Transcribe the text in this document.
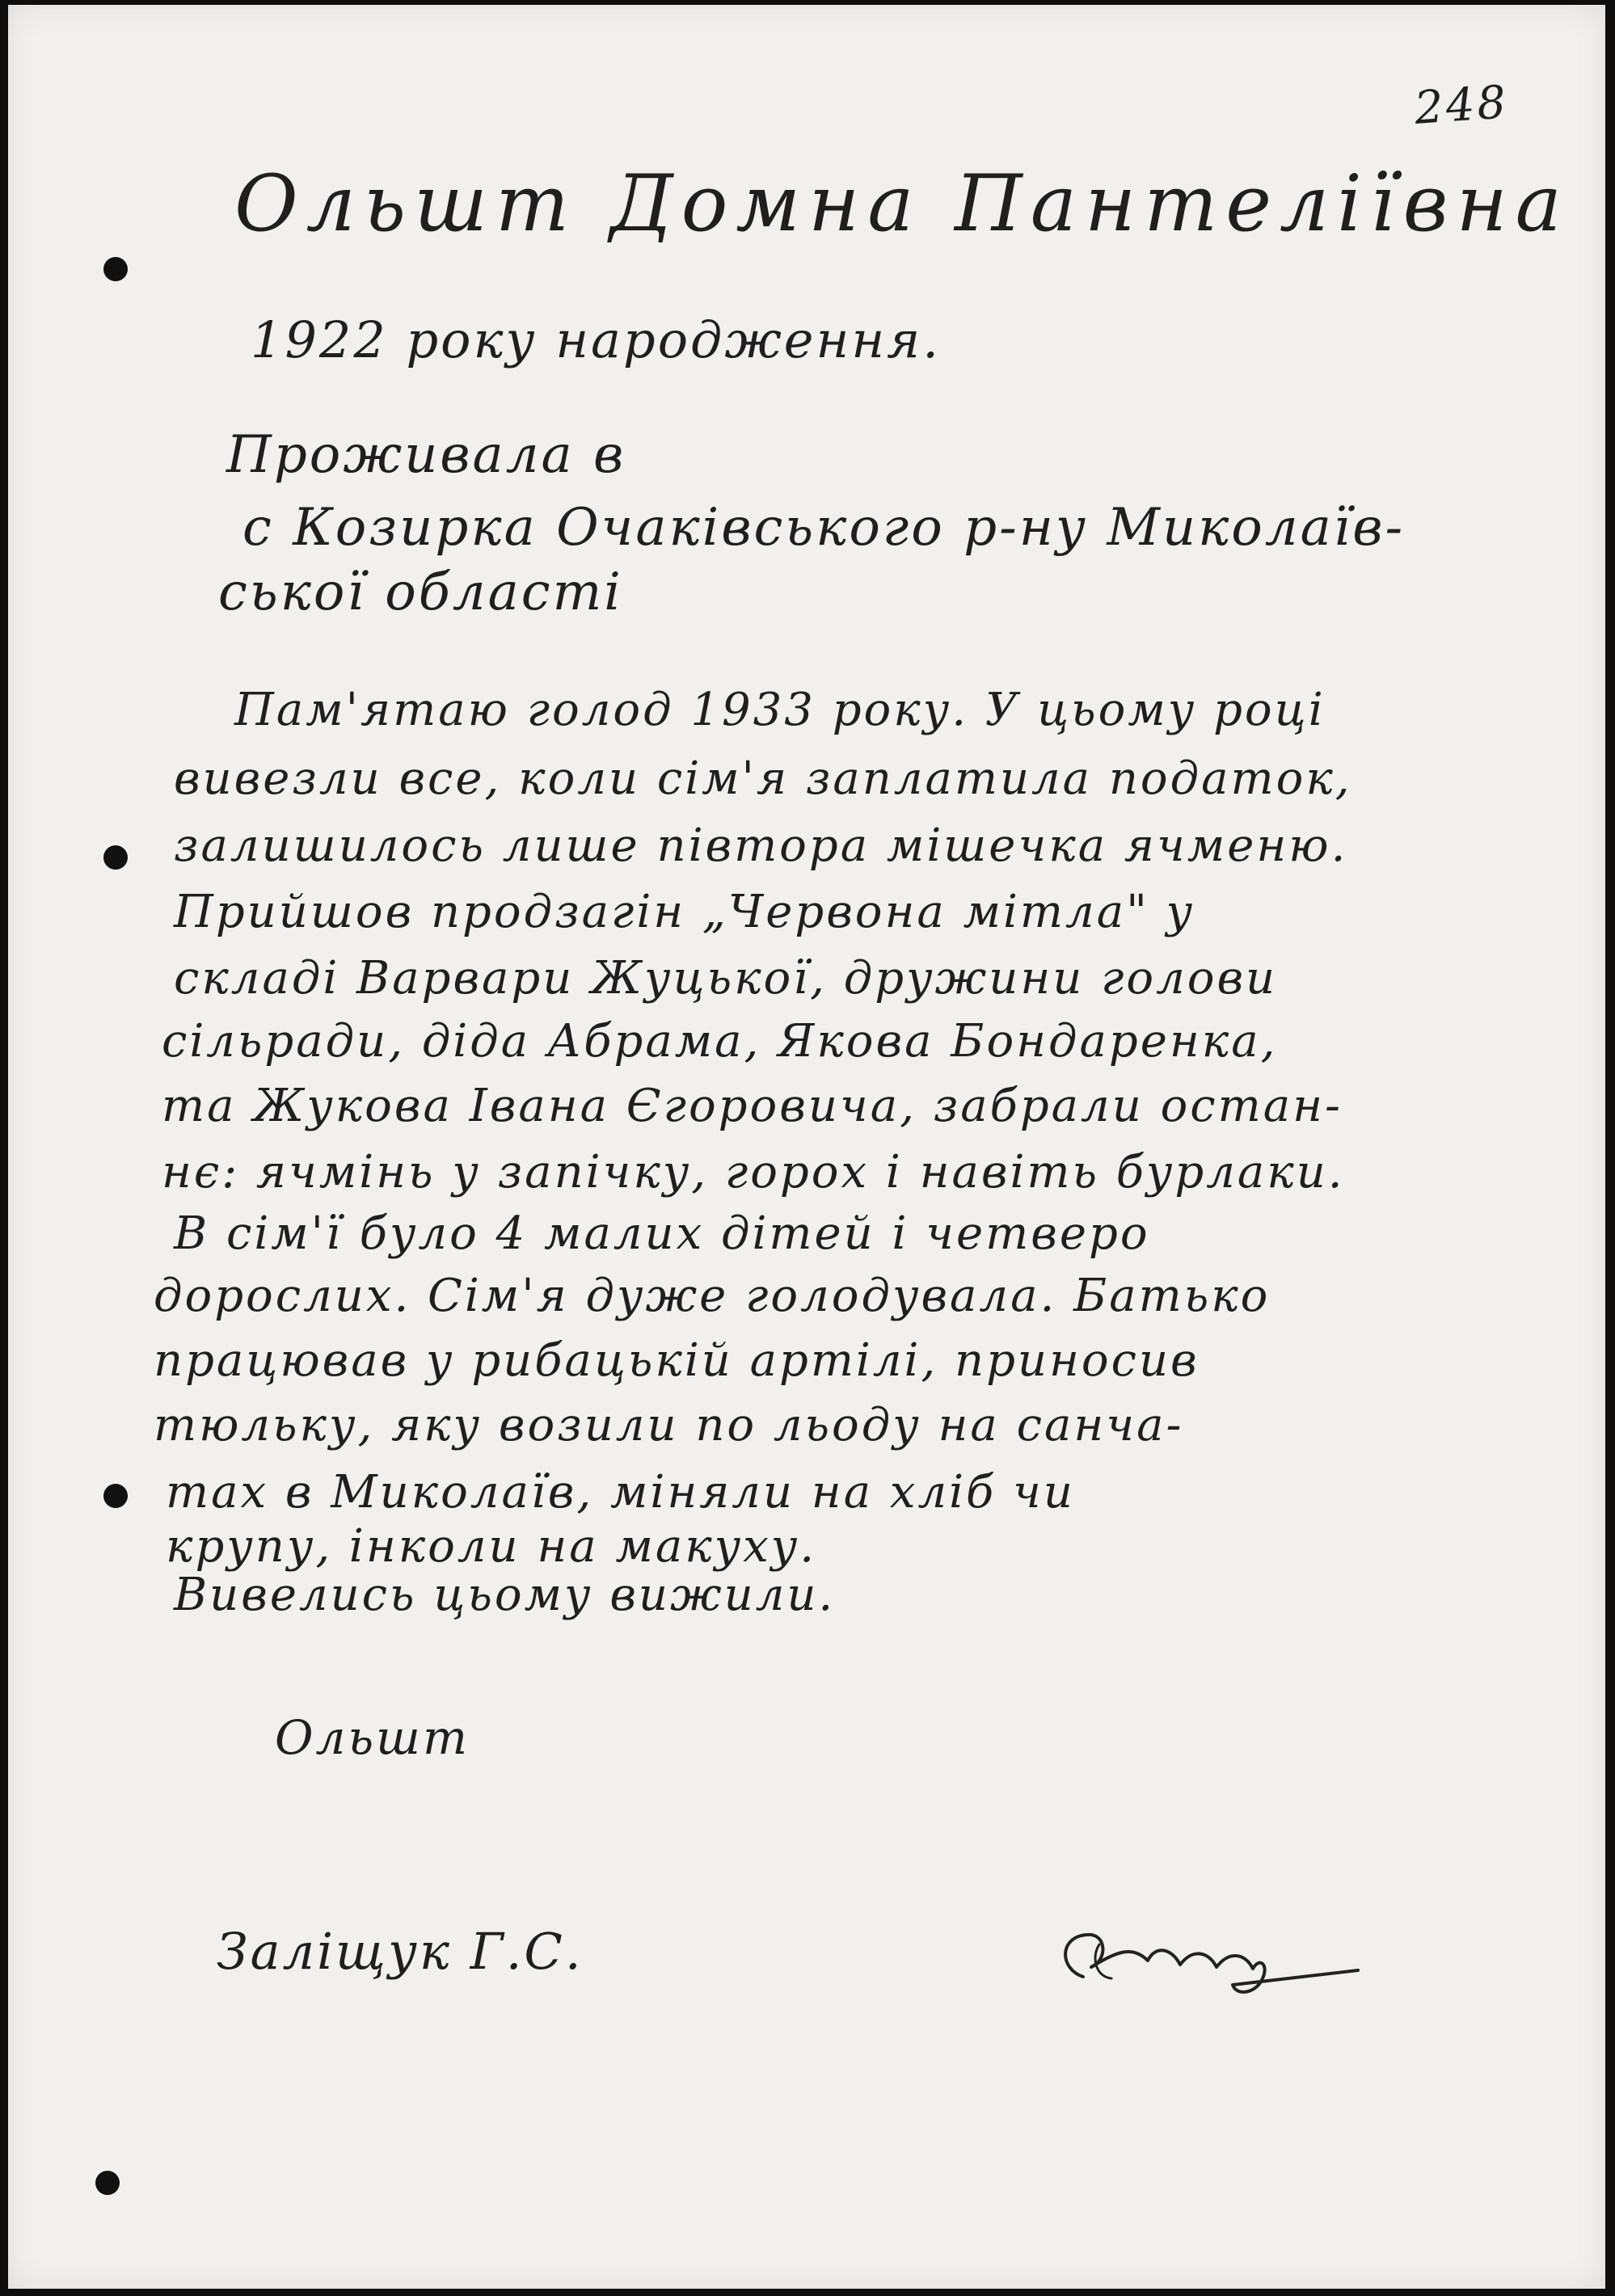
248
Ольшт Домна Пантеліївна
1922 року народження.
Проживала в
с Козирка Очаківського р-ну Миколаїв-
ської області
Пам'ятаю голод 1933 року. У цьому році
вивезли все, коли сім'я заплатила податок,
залишилось лише півтора мішечка ячменю.
Прийшов продзагін „Червона мітла" у
складі Варвари Жуцької, дружини голови
сільради, діда Абрама, Якова Бондаренка,
та Жукова Івана Єгоровича, забрали остан-
нє: ячмінь у запічку, горох і навіть бурлаки.
В сім'ї було 4 малих дітей і четверо
дорослих. Сім'я дуже голодувала. Батько
працював у рибацькій артілі, приносив
тюльку, яку возили по льоду на санча-
тах в Миколаїв, міняли на хліб чи
крупу, інколи на макуху.
Вивелись цьому вижили.
Ольшт
Заліщук Г.С.
